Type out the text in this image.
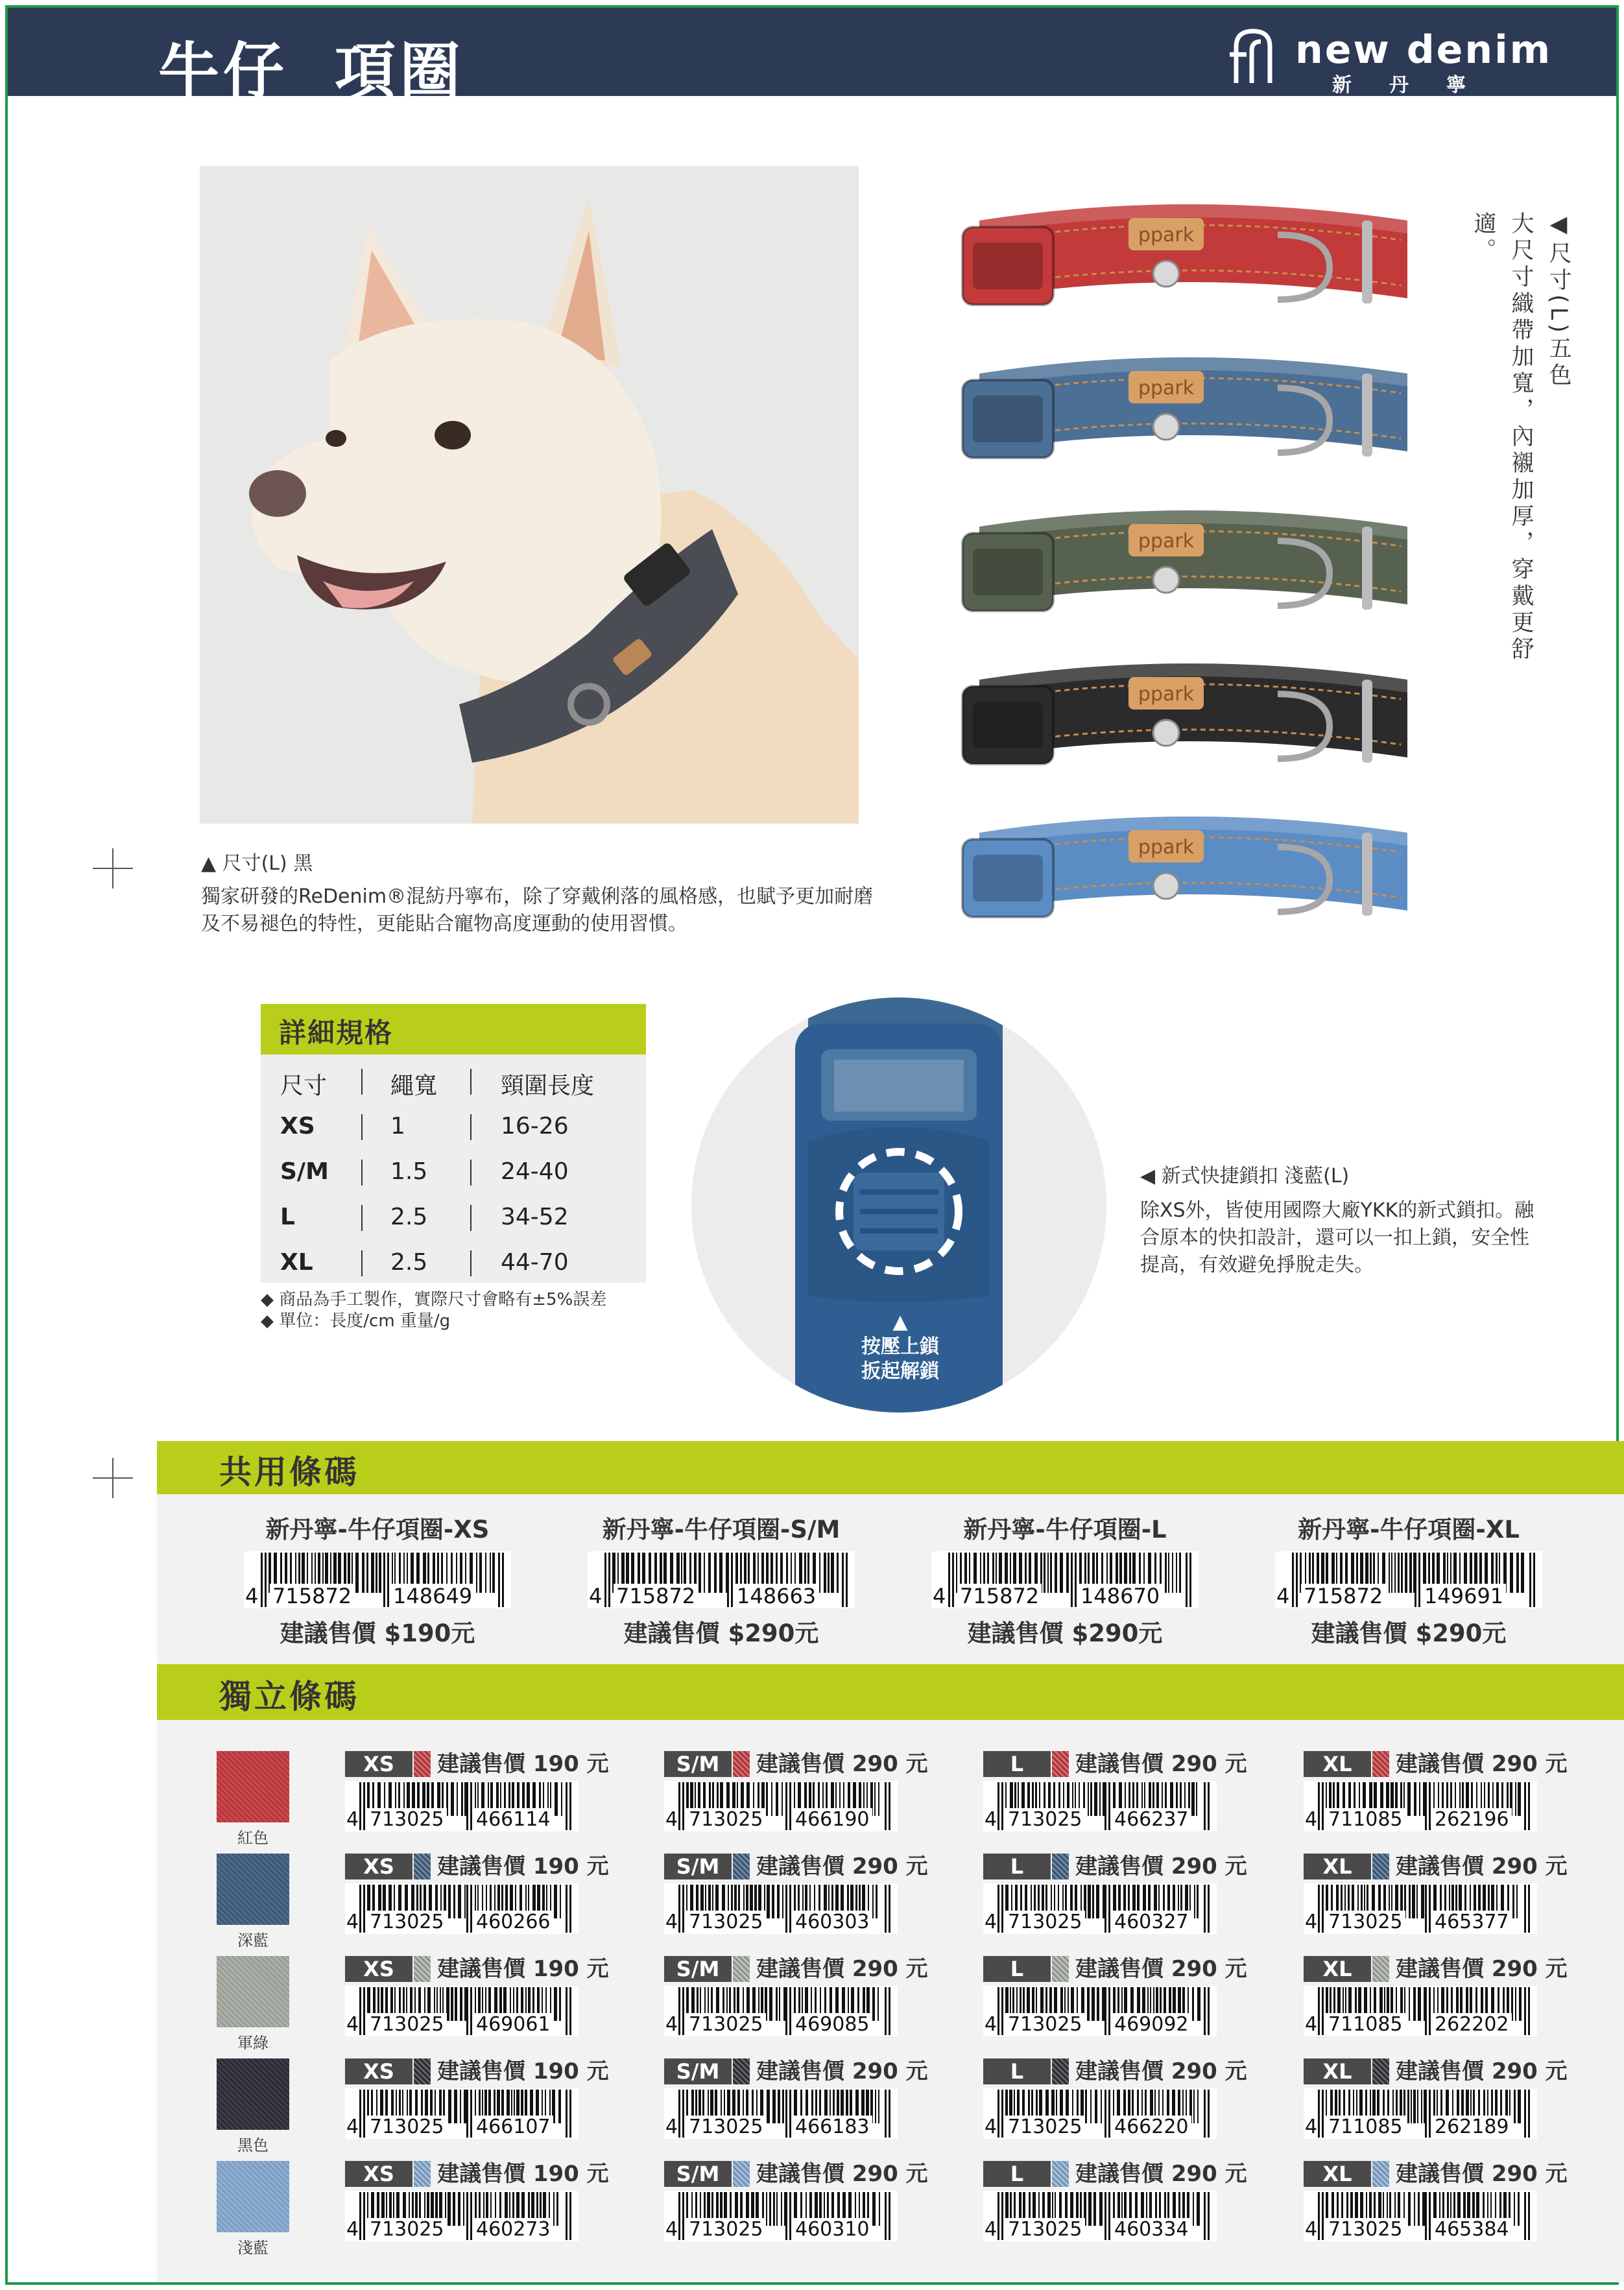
牛仔 項圈	new denim
新丹寧
▲ 尺寸(L) 黑
獨家研發的ReDenim®混紡丹寧布，除了穿戴俐落的風格感，也賦予更加耐磨及不易褪色的特性，更能貼合寵物高度運動的使用習慣。
ppark
ppark
ppark
ppark
ppark
◀尺寸(L)五色
大尺寸織帶加寬，內襯加厚，穿戴更舒適。
詳細規格
尺寸	繩寬	頸圍長度
XS	1	16-26
S/M	1.5	24-40
L	2.5	34-52
XL	2.5	44-70
◆ 商品為手工製作，實際尺寸會略有±5%誤差
◆ 單位：長度/cm 重量/g	▲
按壓上鎖
扳起解鎖
◀ 新式快捷鎖扣 淺藍(L)
除XS外，皆使用國際大廠YKK的新式鎖扣。融合原本的快扣設計，還可以一扣上鎖，安全性提高，有效避免掙脫走失。
共用條碼
新丹寧-牛仔項圈-XS
4 715872 148649
建議售價 $190元
新丹寧-牛仔項圈-S/M
4 715872 148663
建議售價 $290元
新丹寧-牛仔項圈-L
4 715872 148670
建議售價 $290元
新丹寧-牛仔項圈-XL
4 715872 149691
建議售價 $290元
獨立條碼
紅色
XS	建議售價 190 元
4 713025 466114
S/M	建議售價 290 元
4 713025 466190
L	建議售價 290 元
4 713025 466237
XL	建議售價 290 元
4 711085 262196
深藍
XS	建議售價 190 元
4 713025 460266
S/M	建議售價 290 元
4 713025 460303
L	建議售價 290 元
4 713025 460327
XL	建議售價 290 元
4 713025 465377
軍綠
XS	建議售價 190 元
4 713025 469061
S/M	建議售價 290 元
4 713025 469085
L	建議售價 290 元
4 713025 469092
XL	建議售價 290 元
4 711085 262202
黑色
XS	建議售價 190 元
4 713025 466107
S/M	建議售價 290 元
4 713025 466183
L	建議售價 290 元
4 713025 466220
XL	建議售價 290 元
4 711085 262189
淺藍
XS	建議售價 190 元
4 713025 460273
S/M	建議售價 290 元
4 713025 460310
L	建議售價 290 元
4 713025 460334
XL	建議售價 290 元
4 713025 465384
